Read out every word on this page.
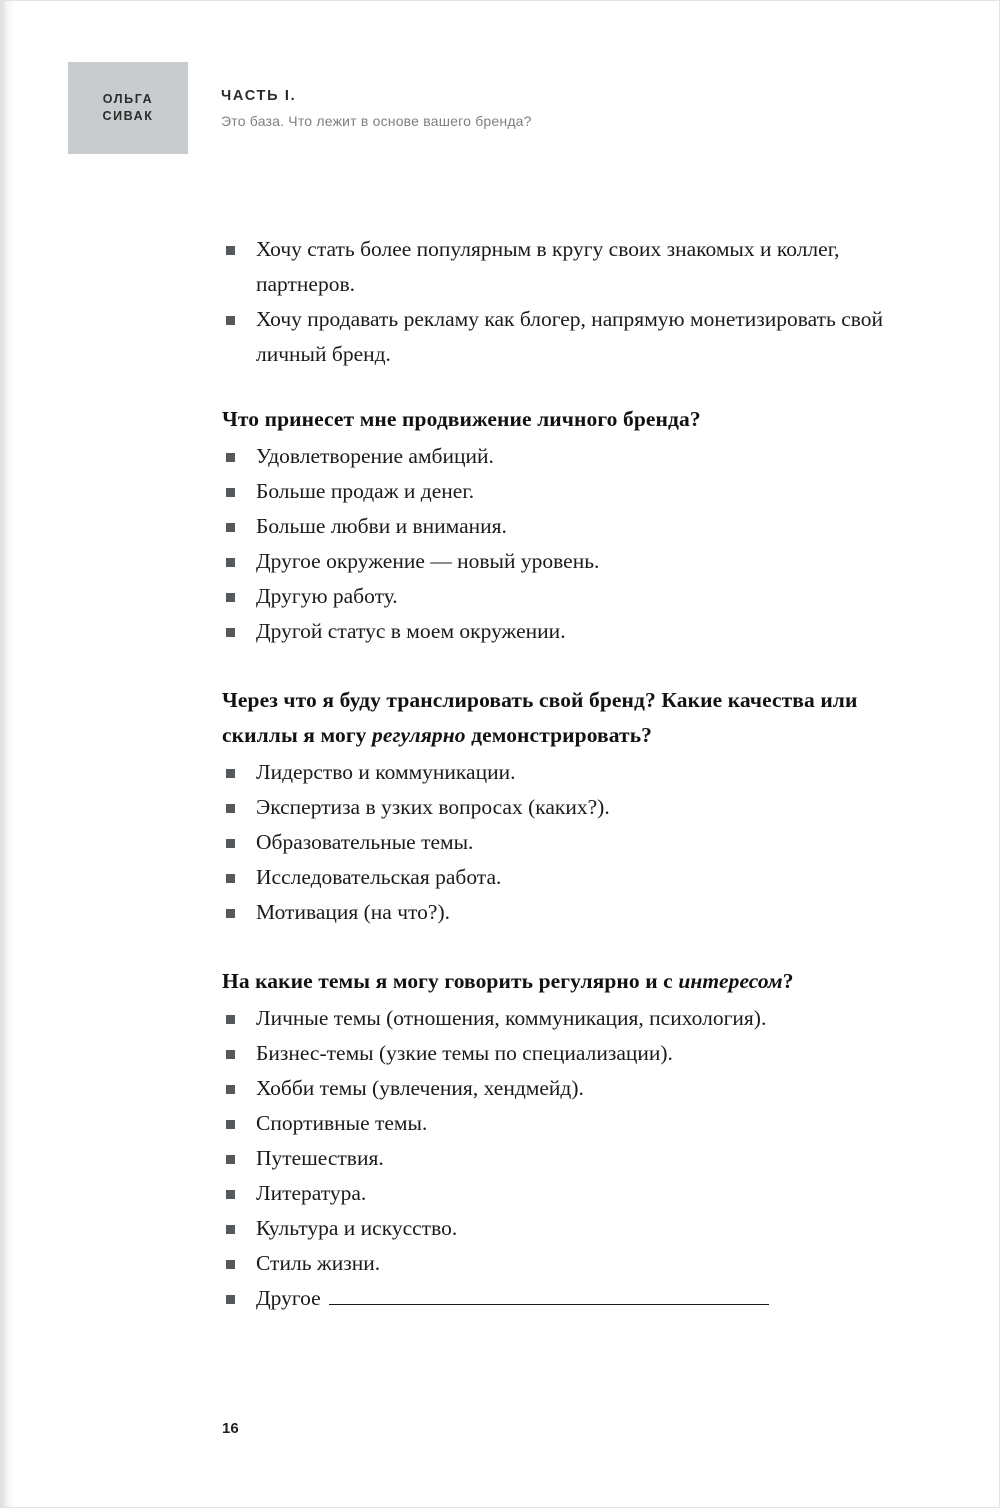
ОЛЬГА
СИВАК
ЧАСТЬ I.
Это база. Что лежит в основе вашего бренда?
Хочу стать более популярным в кругу своих знакомых и коллег, партнеров.
Хочу продавать рекламу как блогер, напрямую монетизировать свой личный бренд.

Что принесет мне продвижение личного бренда?

Удовлетворение амбиций.
Больше продаж и денег.
Больше любви и внимания.
Другое окружение — новый уровень.
Другую работу.
Другой статус в моем окружении.

Через что я буду транслировать свой бренд? Какие качества или скиллы я могу регулярно демонстрировать?

Лидерство и коммуникации.
Экспертиза в узких вопросах (каких?).
Образовательные темы.
Исследовательская работа.
Мотивация (на что?).

На какие темы я могу говорить регулярно и с интересом?

Личные темы (отношения, коммуникация, психология).
Бизнес-темы (узкие темы по специализации).
Хобби темы (увлечения, хендмейд).
Спортивные темы.
Путешествия.
Литература.
Культура и искусство.
Стиль жизни.
Другое
16
